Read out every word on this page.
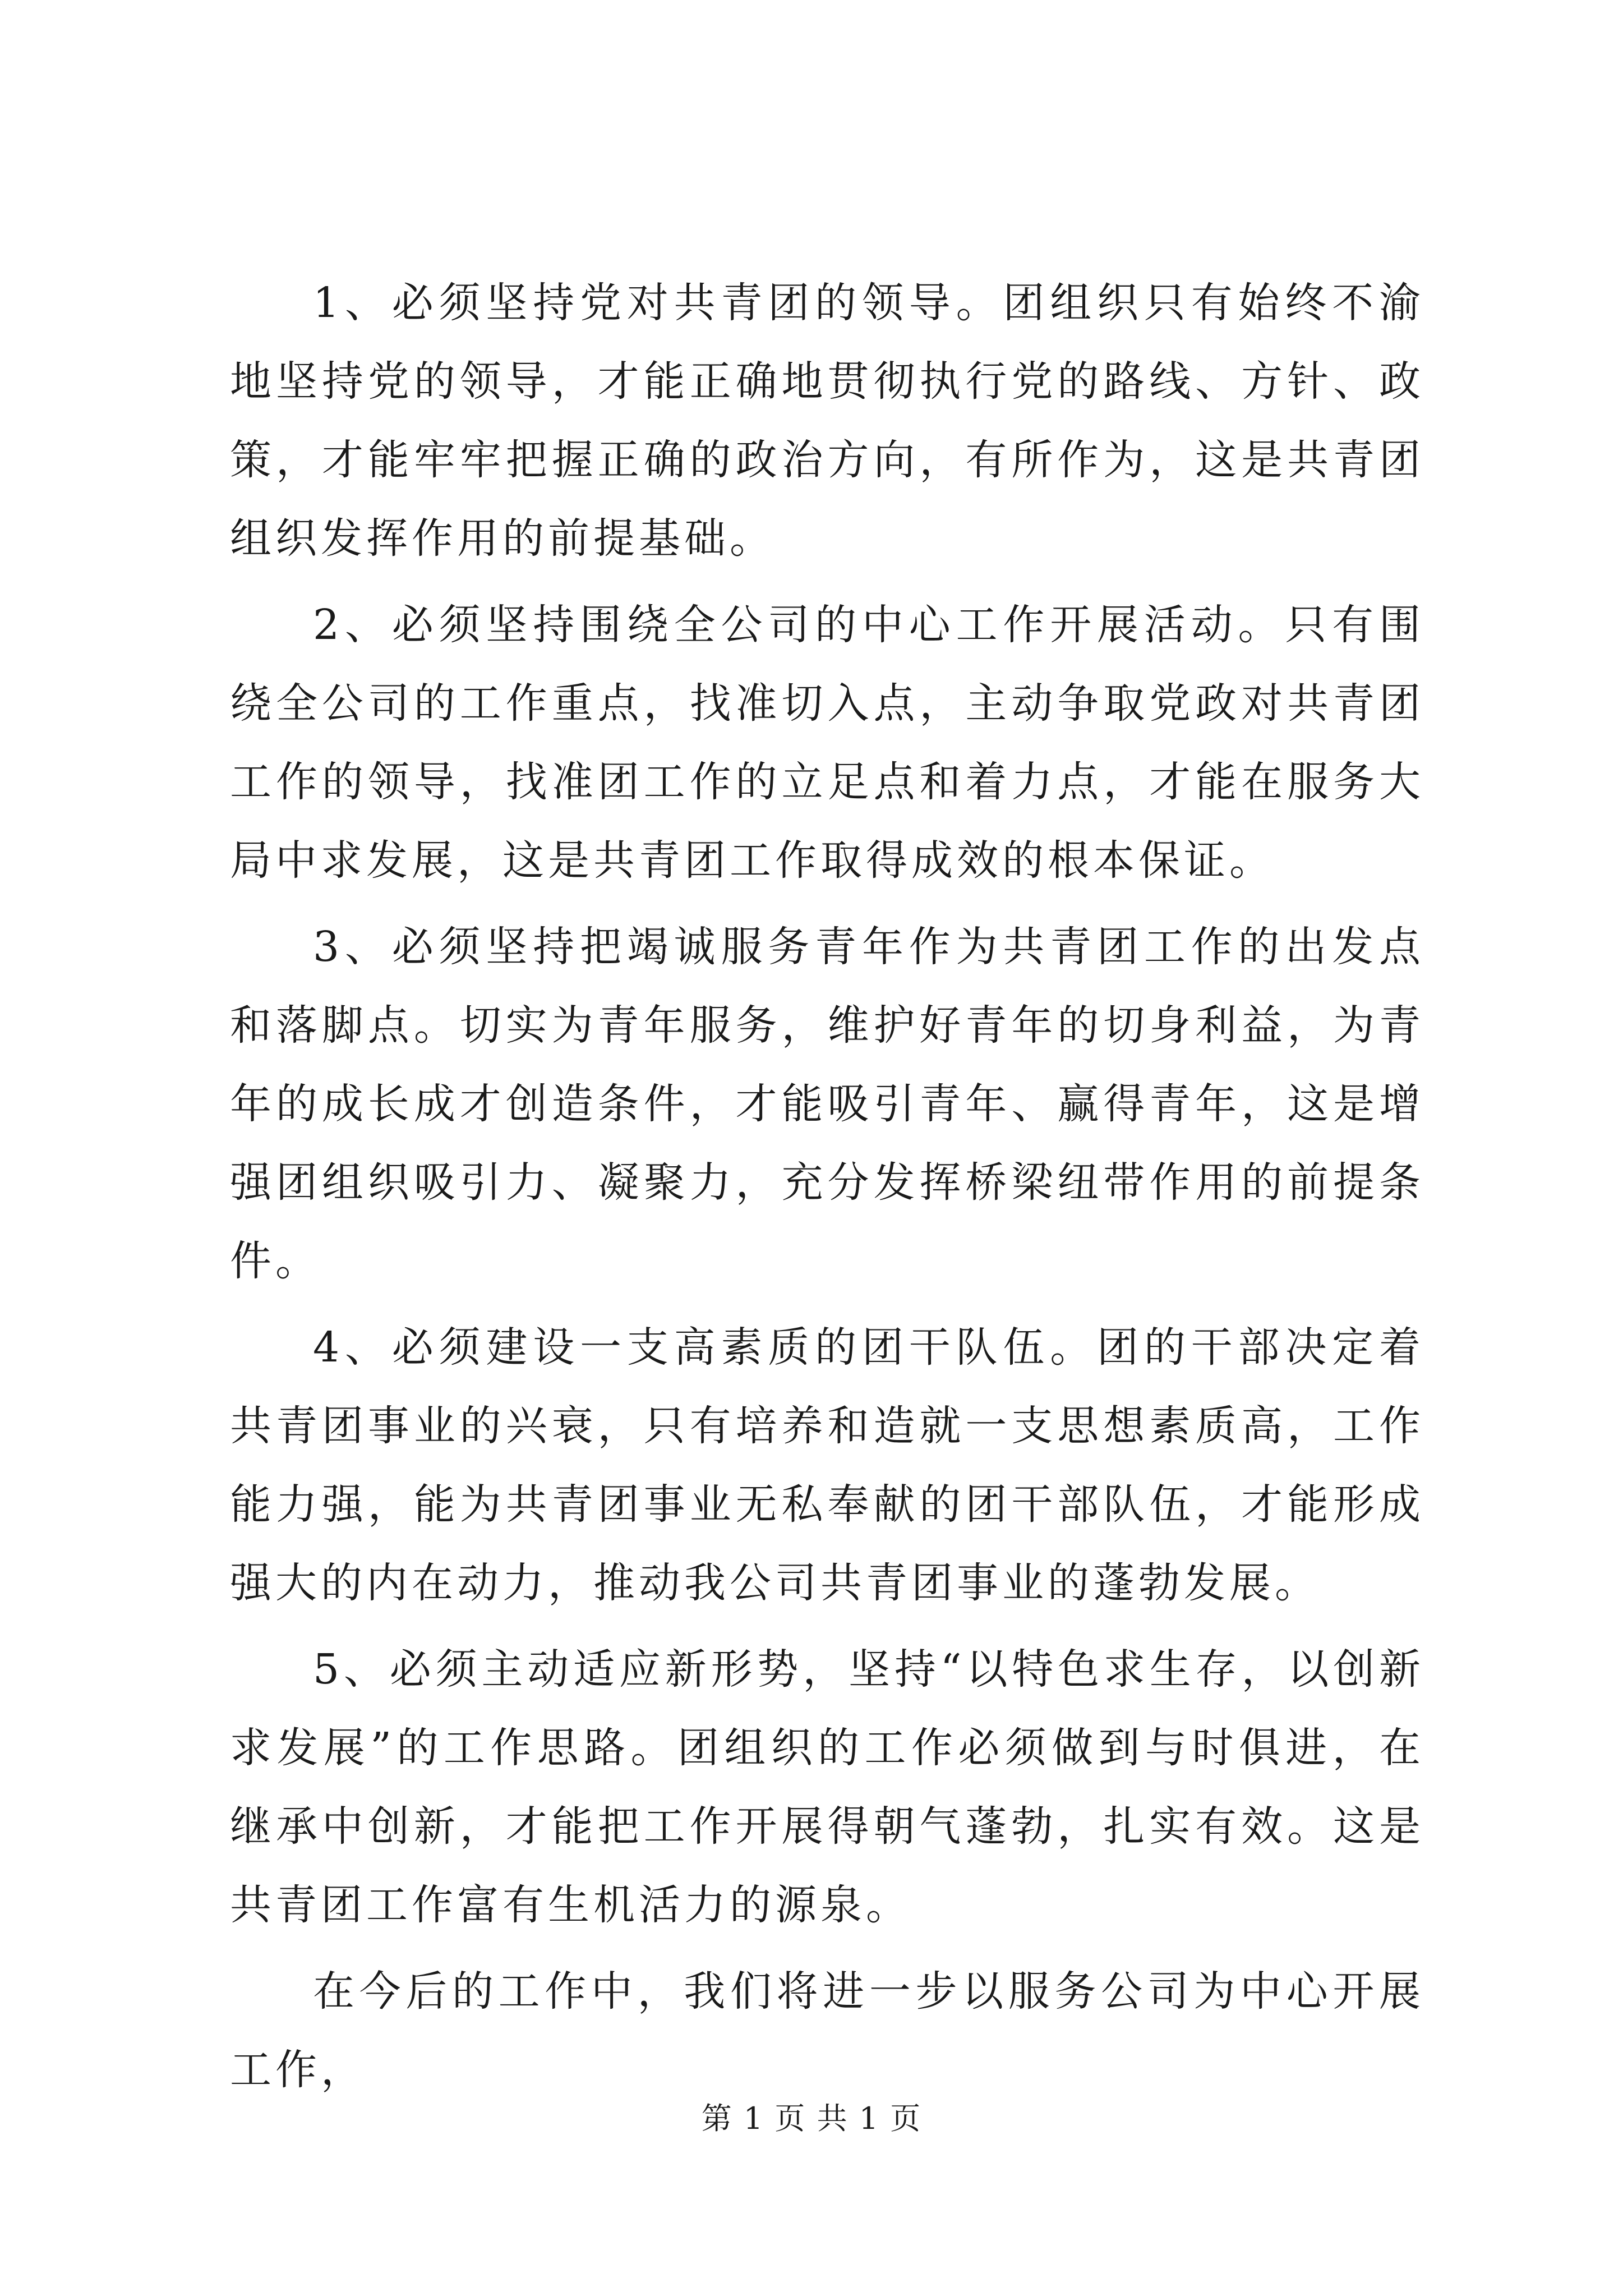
1、必须坚持党对共青团的领导。团组织只有始终不渝地坚持党的领导，才能正确地贯彻执行党的路线、方针、政策，才能牢牢把握正确的政治方向，有所作为，这是共青团组织发挥作用的前提基础。

2、必须坚持围绕全公司的中心工作开展活动。只有围绕全公司的工作重点，找准切入点，主动争取党政对共青团工作的领导，找准团工作的立足点和着力点，才能在服务大局中求发展，这是共青团工作取得成效的根本保证。

3、必须坚持把竭诚服务青年作为共青团工作的出发点和落脚点。切实为青年服务，维护好青年的切身利益，为青年的成长成才创造条件，才能吸引青年、赢得青年，这是增强团组织吸引力、凝聚力，充分发挥桥梁纽带作用的前提条件。

4、必须建设一支高素质的团干队伍。团的干部决定着共青团事业的兴衰，只有培养和造就一支思想素质高，工作能力强，能为共青团事业无私奉献的团干部队伍，才能形成强大的内在动力，推动我公司共青团事业的蓬勃发展。

5、必须主动适应新形势，坚持“以特色求生存，以创新求发展”的工作思路。团组织的工作必须做到与时俱进，在继承中创新，才能把工作开展得朝气蓬勃，扎实有效。这是共青团工作富有生机活力的源泉。

在今后的工作中，我们将进一步以服务公司为中心开展工作，

第 1 页 共 1 页
